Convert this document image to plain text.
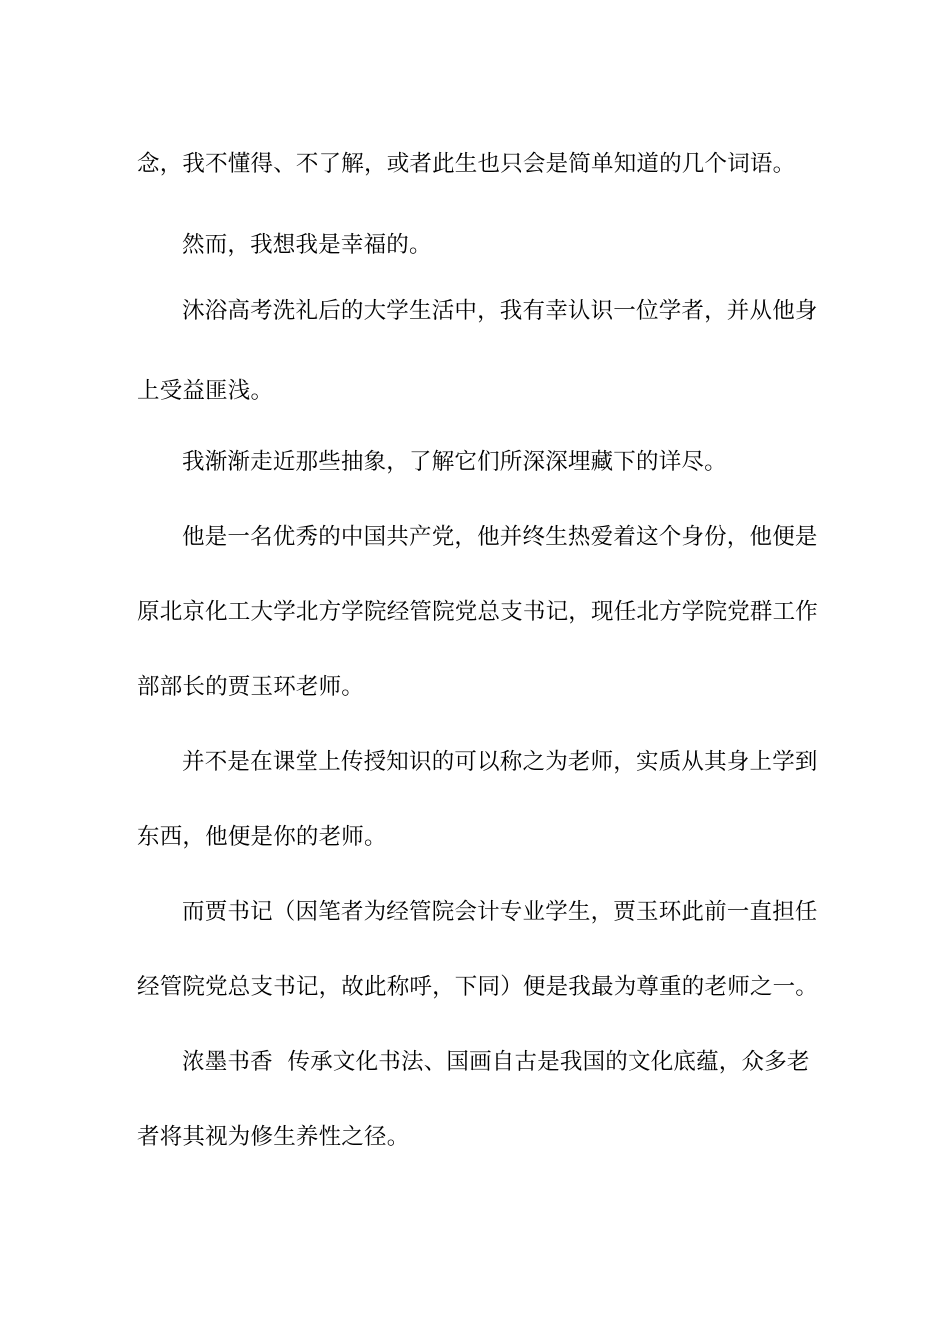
念，我不懂得、不了解，或者此生也只会是简单知道的几个词语。

然而，我想我是幸福的。

沐浴高考洗礼后的大学生活中，我有幸认识一位学者，并从他身

上受益匪浅。

我渐渐走近那些抽象，了解它们所深深埋藏下的详尽。

他是一名优秀的中国共产党，他并终生热爱着这个身份，他便是

原北京化工大学北方学院经管院党总支书记，现任北方学院党群工作

部部长的贾玉环老师。

并不是在课堂上传授知识的可以称之为老师，实质从其身上学到

东西，他便是你的老师。

而贾书记（因笔者为经管院会计专业学生，贾玉环此前一直担任

经管院党总支书记，故此称呼，下同）便是我最为尊重的老师之一。

浓墨书香  传承文化书法、国画自古是我国的文化底蕴，众多老

者将其视为修生养性之径。
